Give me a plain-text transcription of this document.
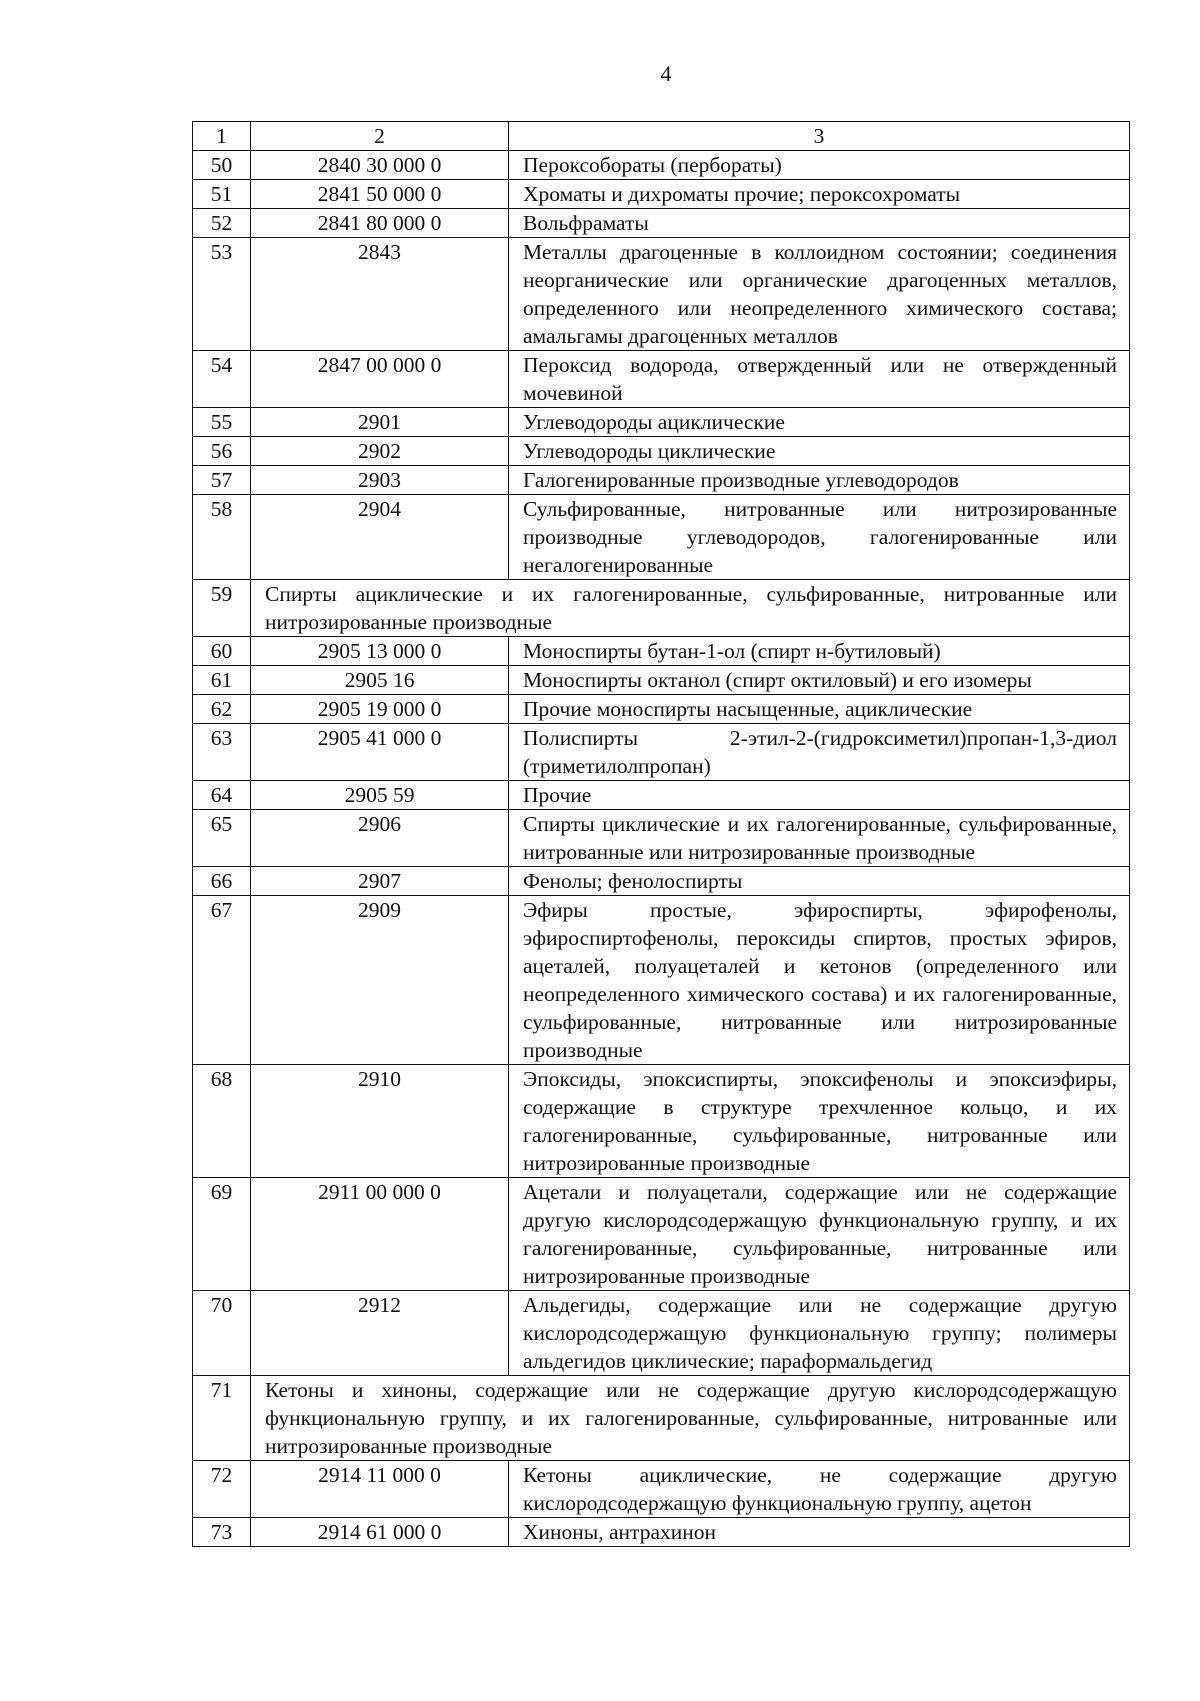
4
1	2	3
50	2840 30 000 0	Пероксобораты (пербораты)
51	2841 50 000 0	Хроматы и дихроматы прочие; пероксохроматы
52	2841 80 000 0	Вольфраматы
53	2843	Металлы драгоценные в коллоидном состоянии; соединения неорганические или органические драгоценных металлов, определенного или неопределенного химического состава; амальгамы драгоценных металлов
54	2847 00 000 0	Пероксид водорода, отвержденный или не отвержденный мочевиной
55	2901	Углеводороды ациклические
56	2902	Углеводороды циклические
57	2903	Галогенированные производные углеводородов
58	2904	Сульфированные, нитрованные или нитрозированные производные углеводородов, галогенированные или негалогенированные
59	Спирты ациклические и их галогенированные, сульфированные, нитрованные или нитрозированные производные	
60	2905 13 000 0	Моноспирты бутан-1-ол (спирт н-бутиловый)
61	2905 16	Моноспирты октанол (спирт октиловый) и его изомеры
62	2905 19 000 0	Прочие моноспирты насыщенные, ациклические
63	2905 41 000 0	Полиспирты 2-этил-2-(гидроксиметил)пропан-1,3-диол (триметилолпропан)
64	2905 59	Прочие
65	2906	Спирты циклические и их галогенированные, сульфированные, нитрованные или нитрозированные производные
66	2907	Фенолы; фенолоспирты
67	2909	Эфиры простые, эфироспирты, эфирофенолы, эфироспиртофенолы, пероксиды спиртов, простых эфиров, ацеталей, полуацеталей и кетонов (определенного или неопределенного химического состава) и их галогенированные, сульфированные, нитрованные или нитрозированные производные
68	2910	Эпоксиды, эпоксиспирты, эпоксифенолы и эпоксиэфиры, содержащие в структуре трехчленное кольцо, и их галогенированные, сульфированные, нитрованные или нитрозированные производные
69	2911 00 000 0	Ацетали и полуацетали, содержащие или не содержащие другую кислородсодержащую функциональную группу, и их галогенированные, сульфированные, нитрованные или нитрозированные производные
70	2912	Альдегиды, содержащие или не содержащие другую кислородсодержащую функциональную группу; полимеры альдегидов циклические; параформальдегид
71	Кетоны и хиноны, содержащие или не содержащие другую кислородсодержащую функциональную группу, и их галогенированные, сульфированные, нитрованные или нитрозированные производные	
72	2914 11 000 0	Кетоны ациклические, не содержащие другую кислородсодержащую функциональную группу, ацетон
73	2914 61 000 0	Хиноны, антрахинон
